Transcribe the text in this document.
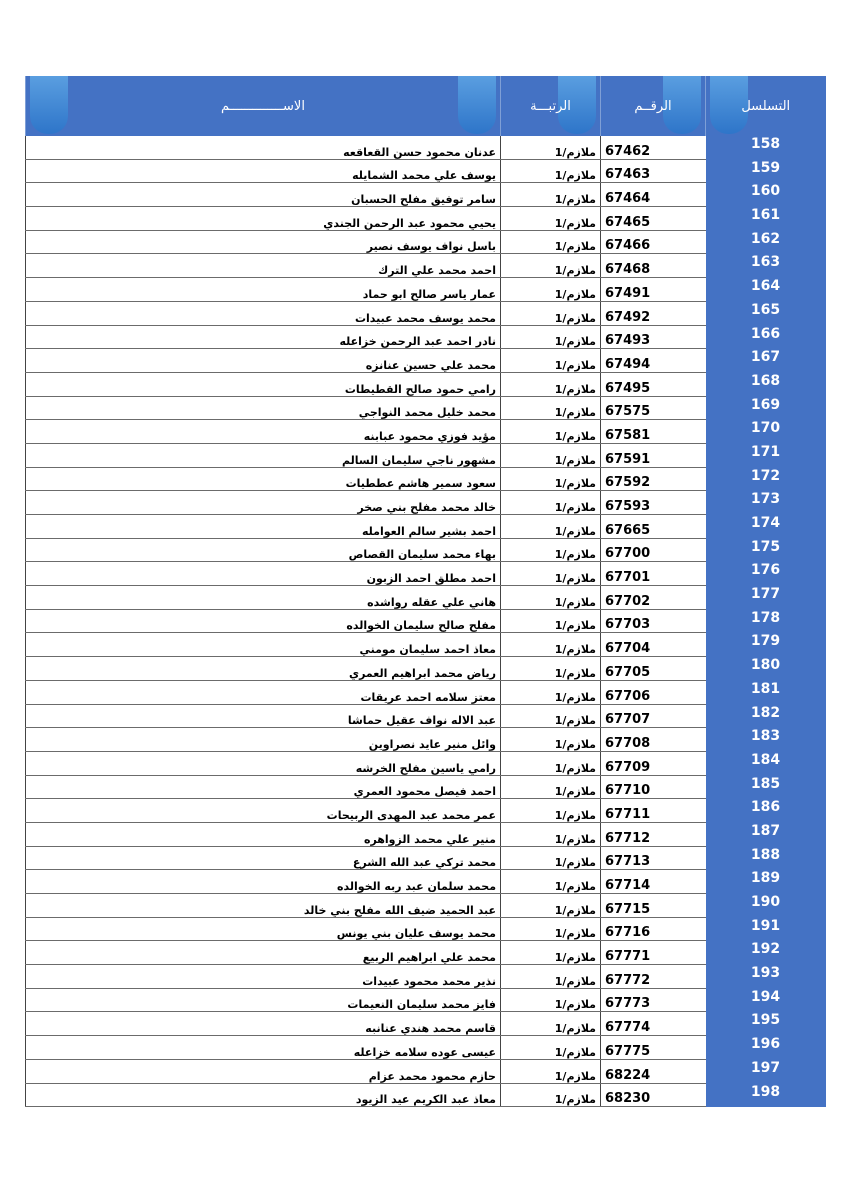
التسلسل	الرقــم	الرتبـــة	الاســــــــــــــم
158	67462	ملازم/1	عدنان محمود حسن القعاقعه
159	67463	ملازم/1	يوسف علي محمد الشمايله
160	67464	ملازم/1	سامر توفيق مفلح الحسبان
161	67465	ملازم/1	يحيي محمود عبد الرحمن الجندي
162	67466	ملازم/1	باسل نواف يوسف نصير
163	67468	ملازم/1	احمد محمد علي الترك
164	67491	ملازم/1	عمار ياسر صالح ابو حماد
165	67492	ملازم/1	محمد يوسف محمد عبيدات
166	67493	ملازم/1	نادر احمد عبد الرحمن خزاعله
167	67494	ملازم/1	محمد علي حسين عنانزه
168	67495	ملازم/1	رامي حمود صالح القطيطات
169	67575	ملازم/1	محمد خليل محمد النواجي
170	67581	ملازم/1	مؤيد فوزي محمود عبابنه
171	67591	ملازم/1	مشهور ناجي سليمان السالم
172	67592	ملازم/1	سعود سمير هاشم عططيات
173	67593	ملازم/1	خالد محمد مفلح بني صخر
174	67665	ملازم/1	احمد بشير سالم العوامله
175	67700	ملازم/1	بهاء محمد سليمان القصاص
176	67701	ملازم/1	احمد مطلق احمد الزبون
177	67702	ملازم/1	هاني علي عقله رواشده
178	67703	ملازم/1	مفلح صالح سليمان الخوالده
179	67704	ملازم/1	معاذ احمد سليمان مومني
180	67705	ملازم/1	رياض محمد ابراهيم العمري
181	67706	ملازم/1	معتز سلامه احمد عريقات
182	67707	ملازم/1	عبد الاله نواف عقيل حماشا
183	67708	ملازم/1	وائل منير عايد نصراوين
184	67709	ملازم/1	رامي ياسين مفلح الخرشه
185	67710	ملازم/1	احمد فيصل محمود العمري
186	67711	ملازم/1	عمر محمد عبد المهدى الربيحات
187	67712	ملازم/1	منير علي محمد الزواهره
188	67713	ملازم/1	محمد تركي عبد الله الشرع
189	67714	ملازم/1	محمد سلمان عبد ربه الخوالده
190	67715	ملازم/1	عبد الحميد ضيف الله مفلح بني خالد
191	67716	ملازم/1	محمد يوسف عليان بني يونس
192	67771	ملازم/1	محمد علي ابراهيم الربيع
193	67772	ملازم/1	نذير محمد محمود عبيدات
194	67773	ملازم/1	فايز محمد سليمان النعيمات
195	67774	ملازم/1	قاسم محمد هندي عنانبه
196	67775	ملازم/1	عيسى عوده سلامه خزاعله
197	68224	ملازم/1	حازم محمود محمد عزام
198	68230	ملازم/1	معاذ عبد الكريم عيد الزيود
